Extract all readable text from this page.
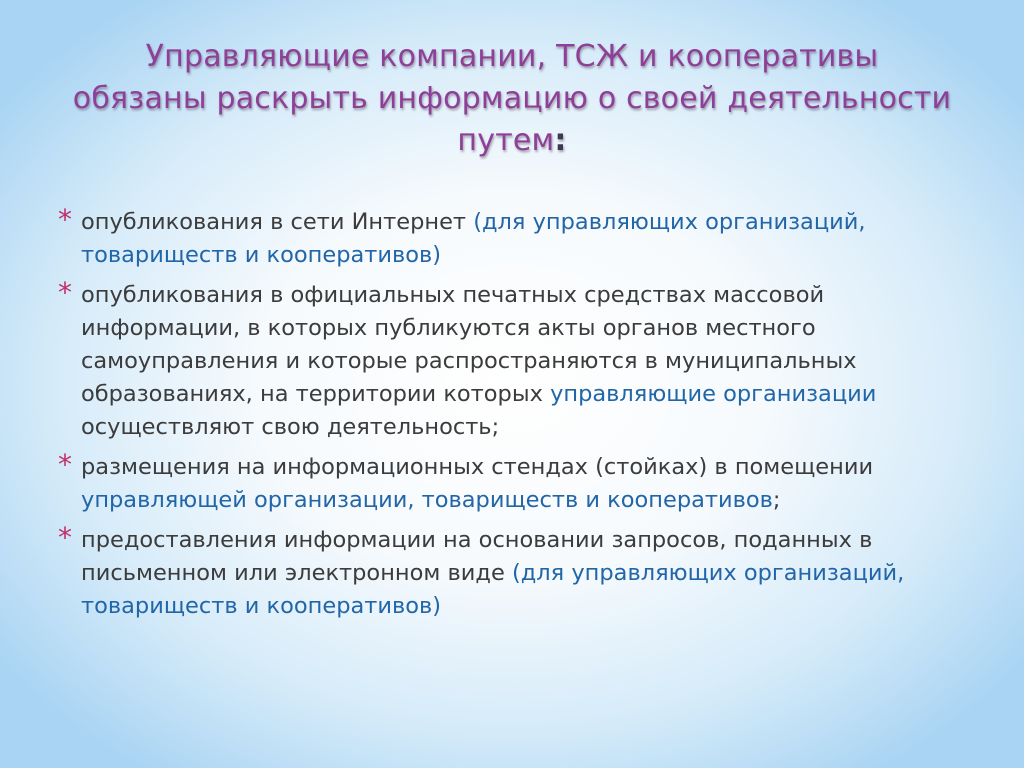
Управляющие компании, ТСЖ и кооперативы
обязаны раскрыть информацию о своей деятельности
путем:
* опубликования в сети Интернет (для управляющих организаций, товариществ и кооперативов)
* опубликования в официальных печатных средствах массовой информации, в которых публикуются акты органов местного самоуправления и которые распространяются в муниципальных образованиях, на территории которых управляющие организации осуществляют свою деятельность;
* размещения на информационных стендах (стойках) в помещении управляющей организации, товариществ и кооперативов;
* предоставления информации на основании запросов, поданных в письменном или электронном виде (для управляющих организаций, товариществ и кооперативов)
